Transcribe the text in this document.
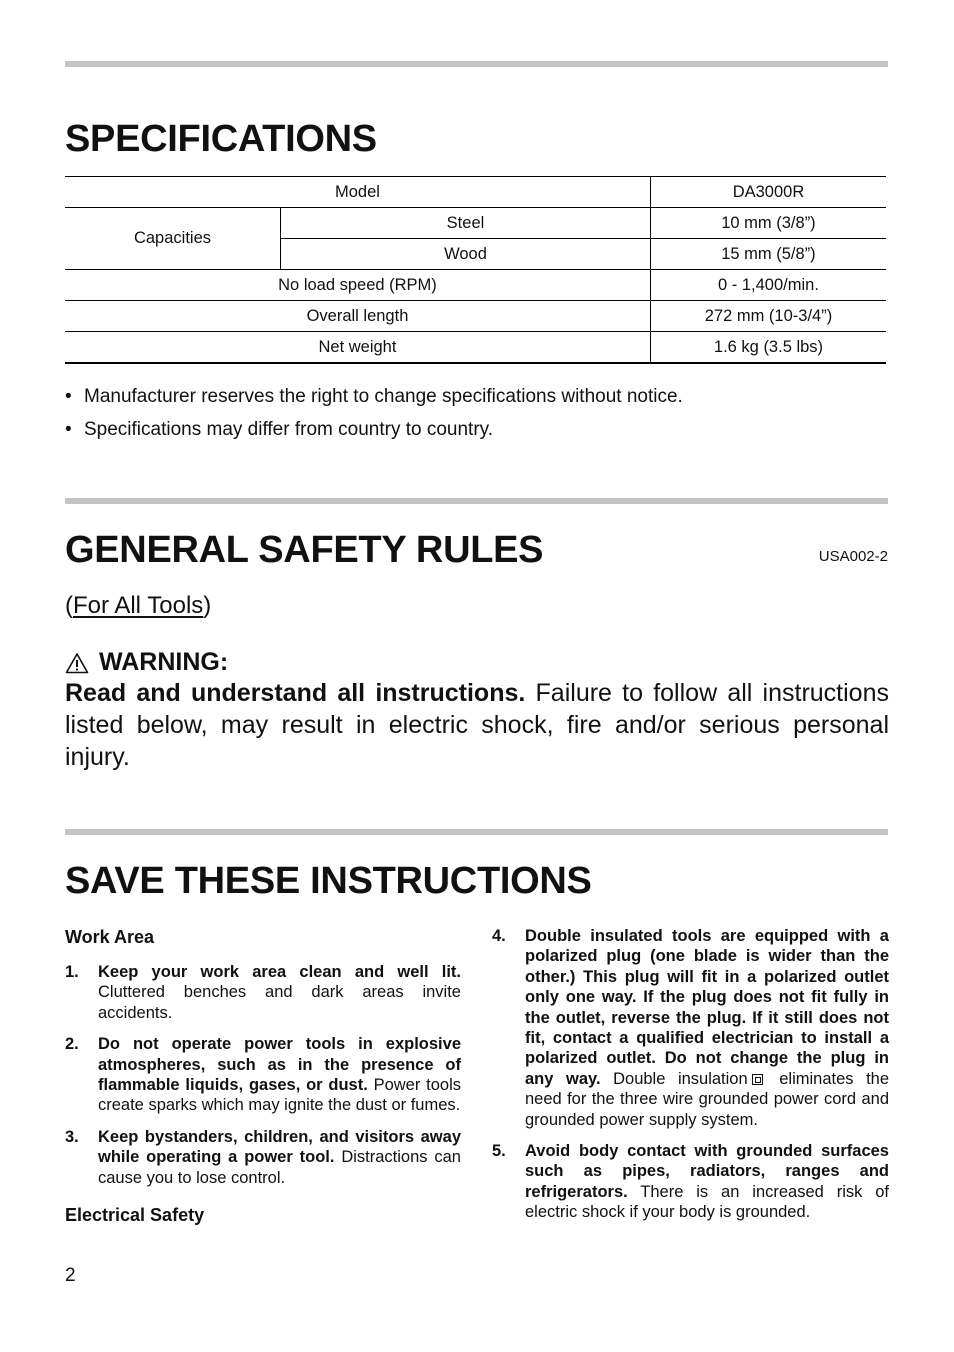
SPECIFICATIONS
Model		DA3000R
Capacities	Steel	10 mm (3/8”)
	Wood	15 mm (5/8”)
No load speed (RPM)		0 - 1,400/min.
Overall length		272 mm (10-3/4”)
Net weight		1.6 kg (3.5 lbs)
• Manufacturer reserves the right to change specifications without notice.
• Specifications may differ from country to country.
GENERAL SAFETY RULES	USA002-2
(For All Tools)
WARNING:
Read and understand all instructions. Failure to follow all instructions listed below, may result in electric shock, fire and/or serious personal injury.
SAVE THESE INSTRUCTIONS
Work Area
1. Keep your work area clean and well lit. Cluttered benches and dark areas invite accidents.
2. Do not operate power tools in explosive atmospheres, such as in the presence of flammable liquids, gases, or dust. Power tools create sparks which may ignite the dust or fumes.
3. Keep bystanders, children, and visitors away while operating a power tool. Distractions can cause you to lose control.
Electrical Safety
4. Double insulated tools are equipped with a polarized plug (one blade is wider than the other.) This plug will fit in a polarized outlet only one way. If the plug does not fit fully in the outlet, reverse the plug. If it still does not fit, contact a qualified electrician to install a polarized outlet. Do not change the plug in any way. Double insulation eliminates the need for the three wire grounded power cord and grounded power supply system.
5. Avoid body contact with grounded surfaces such as pipes, radiators, ranges and refrigerators. There is an increased risk of electric shock if your body is grounded.
2
